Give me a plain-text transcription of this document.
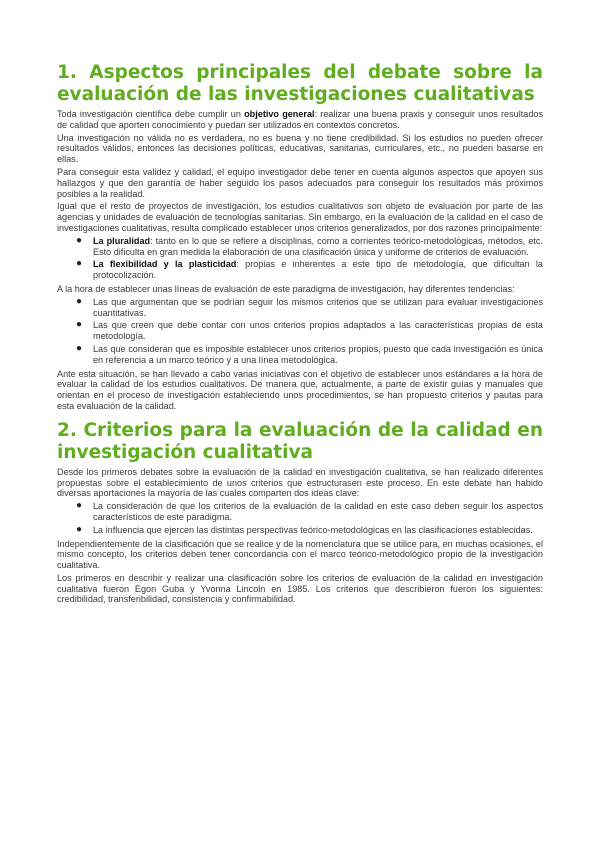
1. Aspectos principales del debate sobre la evaluación de las investigaciones cualitativas

Toda investigación científica debe cumplir un objetivo general: realizar una buena praxis y conseguir unos resultados de calidad que aporten conocimiento y puedan ser utilizados en contextos concretos.

Una investigación no válida no es verdadera, no es buena y no tiene credibilidad. Si los estudios no pueden ofrecer resultados válidos, entonces las decisiones políticas, educativas, sanitarias, curriculares, etc., no pueden basarse en ellas.

Para conseguir esta validez y calidad, el equipo investigador debe tener en cuenta algunos aspectos que apoyen sus hallazgos y que den garantía de haber seguido los pasos adecuados para conseguir los resultados más próximos posibles a la realidad.

Igual que el resto de proyectos de investigación, los estudios cualitativos son objeto de evaluación por parte de las agencias y unidades de evaluación de tecnologías sanitarias. Sin embargo, en la evaluación de la calidad en el caso de investigaciones cualitativas, resulta complicado establecer unos criterios generalizados, por dos razones principalmente:

● La pluralidad: tanto en lo que se refiere a disciplinas, como a corrientes teórico-metodológicas, métodos, etc. Esto dificulta en gran medida la elaboración de una clasificación única y uniforme de criterios de evaluación.
● La flexibilidad y la plasticidad: propias e inherentes a este tipo de metodología, que dificultan la protocolización.

A la hora de establecer unas líneas de evaluación de este paradigma de investigación, hay diferentes tendencias:

● Las que argumentan que se podrían seguir los mismos criterios que se utilizan para evaluar investigaciones cuantitativas.
● Las que creen que debe contar con unos criterios propios adaptados a las características propias de esta metodología.
● Las que consideran que es imposible establecer unos criterios propios, puesto que cada investigación es única en referencia a un marco teórico y a una línea metodológica.

Ante esta situación, se han llevado a cabo varias iniciativas con el objetivo de establecer unos estándares a la hora de evaluar la calidad de los estudios cualitativos. De manera que, actualmente, a parte de existir guías y manuales que orientan en el proceso de investigación estableciendo unos procedimientos, se han propuesto criterios y pautas para esta evaluación de la calidad.

2. Criterios para la evaluación de la calidad en investigación cualitativa

Desde los primeros debates sobre la evaluación de la calidad en investigación cualitativa, se han realizado diferentes propuestas sobre el establecimiento de unos criterios que estructurasen este proceso. En este debate han habido diversas aportaciones la mayoría de las cuales comparten dos ideas clave:

● La consideración de que los criterios de la evaluación de la calidad en este caso deben seguir los aspectos característicos de este paradigma.
● La influencia que ejercen las distintas perspectivas teórico-metodológicas en las clasificaciones establecidas.

Independientemente de la clasificación que se realice y de la nomenclatura que se utilice para, en muchas ocasiones, el mismo concepto, los criterios deben tener concordancia con el marco teórico-metodológico propio de la investigación cualitativa.

Los primeros en describir y realizar una clasificación sobre los criterios de evaluación de la calidad en investigación cualitativa fueron Egon Guba y Yvonna Lincoln en 1985. Los criterios que describieron fueron los siguientes: credibilidad, transferibilidad, consistencia y confirmabilidad.
